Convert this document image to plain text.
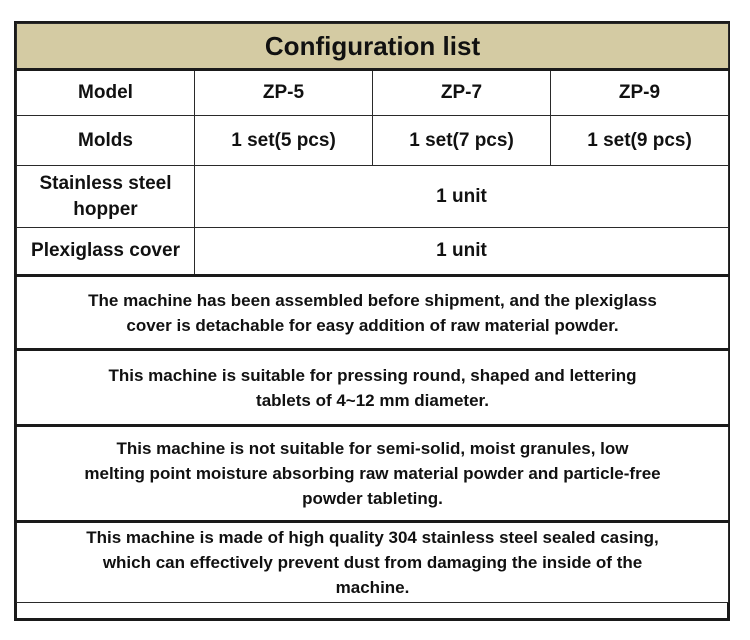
Configuration list			
Model	ZP-5	ZP-7	ZP-9
Molds	1 set(5 pcs)	1 set(7 pcs)	1 set(9 pcs)
Stainless steel
hopper	1 unit		
Plexiglass cover	1 unit		
The machine has been assembled before shipment, and the plexiglass
cover is detachable for easy addition of raw material powder.			
This machine is suitable for pressing round, shaped and lettering
tablets of 4~12 mm diameter.			
This machine is not suitable for semi-solid, moist granules, low
melting point moisture absorbing raw material powder and particle-free
powder tableting.			
This machine is made of high quality 304 stainless steel sealed casing,
which can effectively prevent dust from damaging the inside of the
machine.			
